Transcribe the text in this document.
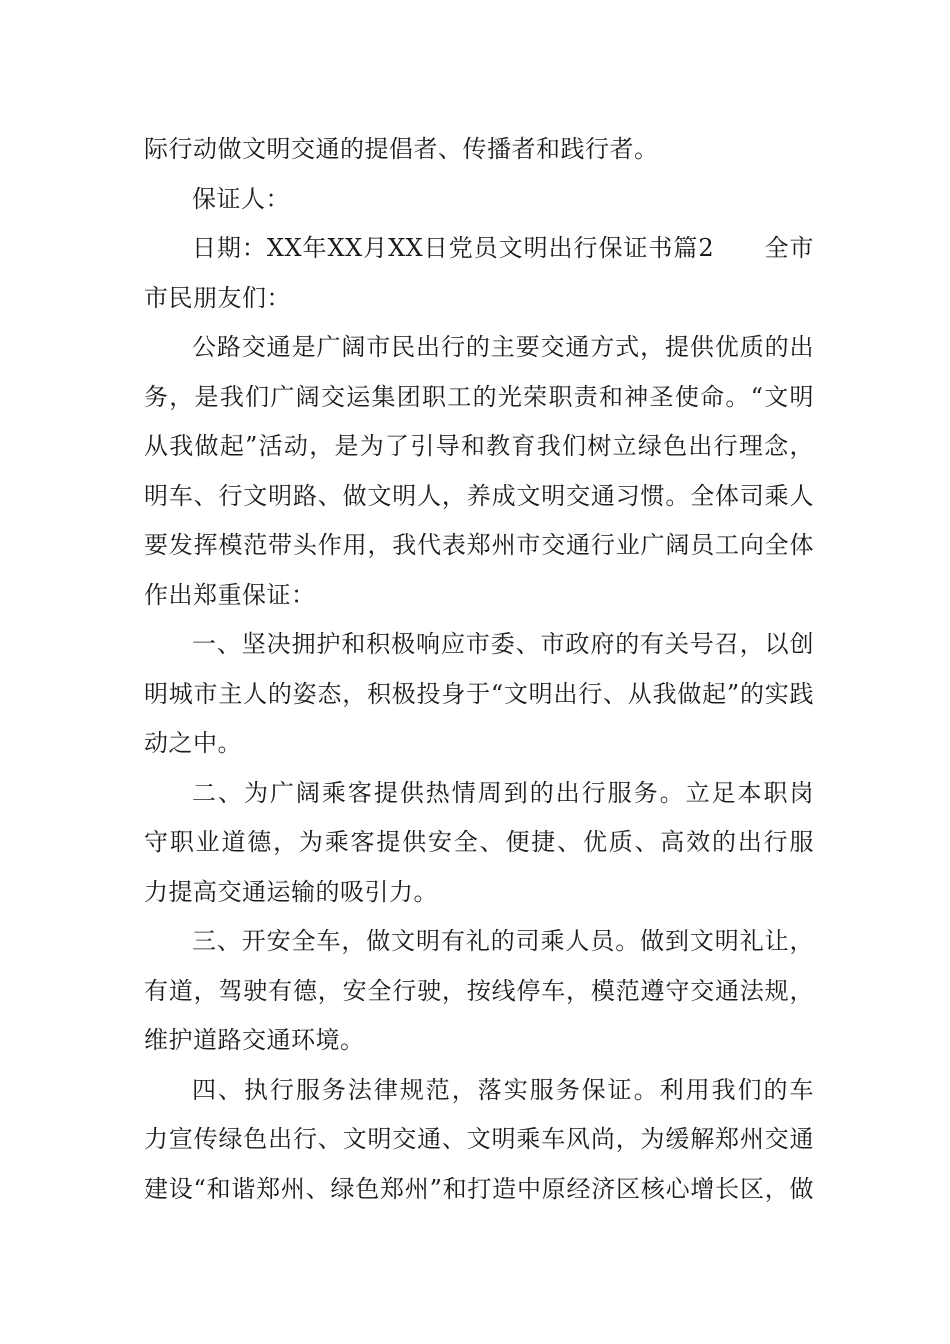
际行动做文明交通的提倡者、传播者和践行者。
保证人：
日期：XX年XX月XX日党员文明出行保证书篇2　　全市
市民朋友们：
公路交通是广阔市民出行的主要交通方式，提供优质的出
务，是我们广阔交运集团职工的光荣职责和神圣使命。“文明
从我做起”活动，是为了引导和教育我们树立绿色出行理念，
明车、行文明路、做文明人，养成文明交通习惯。全体司乘人
要发挥模范带头作用，我代表郑州市交通行业广阔员工向全体
作出郑重保证：
一、坚决拥护和积极响应市委、市政府的有关号召，以创
明城市主人的姿态，积极投身于“文明出行、从我做起”的实践
动之中。
二、为广阔乘客提供热情周到的出行服务。立足本职岗
守职业道德，为乘客提供安全、便捷、优质、高效的出行服
力提高交通运输的吸引力。
三、开安全车，做文明有礼的司乘人员。做到文明礼让，
有道，驾驶有德，安全行驶，按线停车，模范遵守交通法规，
维护道路交通环境。
四、执行服务法律规范，落实服务保证。利用我们的车
力宣传绿色出行、文明交通、文明乘车风尚，为缓解郑州交通
建设“和谐郑州、绿色郑州”和打造中原经济区核心增长区，做
